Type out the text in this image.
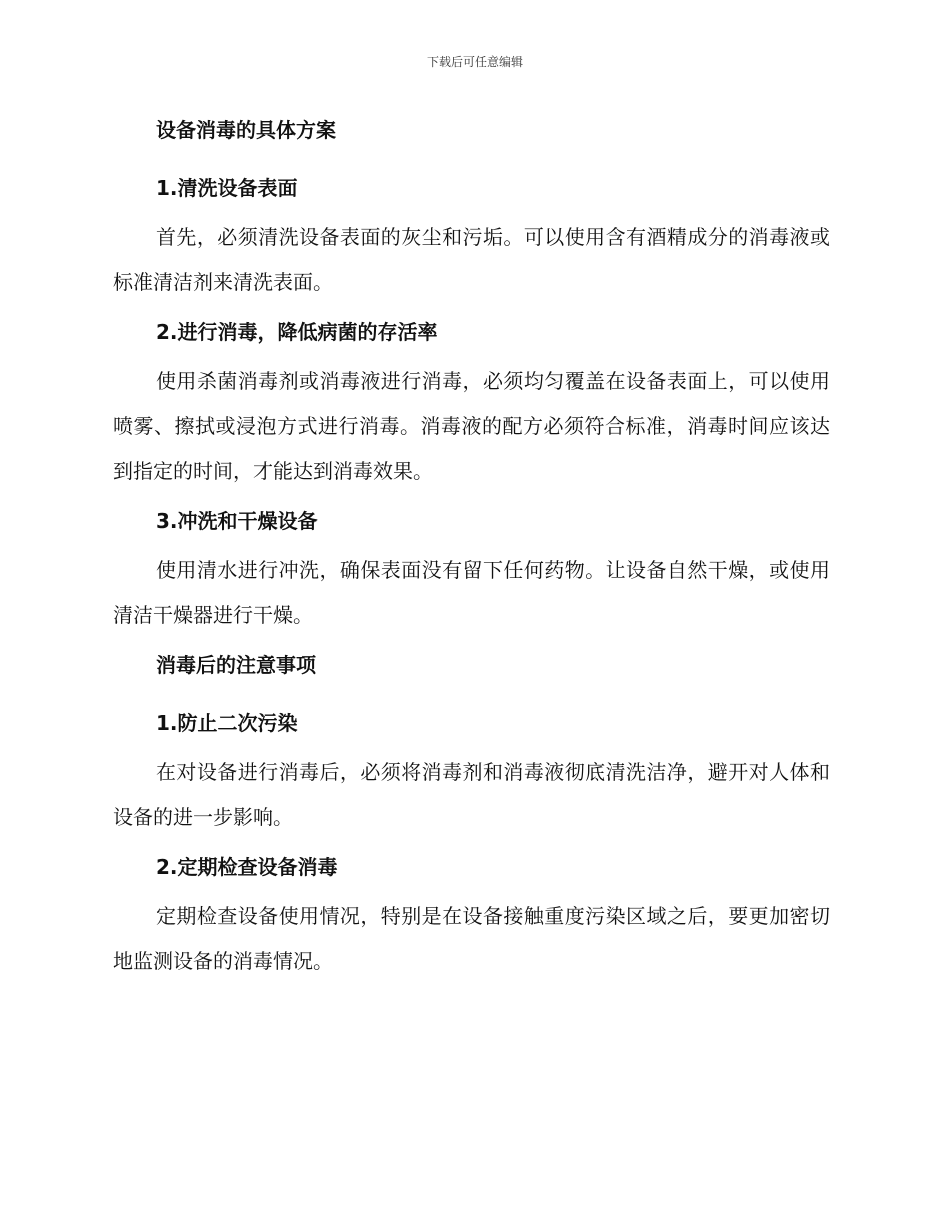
下载后可任意编辑

设备消毒的具体方案

1.清洗设备表面

首先，必须清洗设备表面的灰尘和污垢。可以使用含有酒精成分的消毒液或标准清洁剂来清洗表面。

2.进行消毒，降低病菌的存活率

使用杀菌消毒剂或消毒液进行消毒，必须均匀覆盖在设备表面上，可以使用喷雾、擦拭或浸泡方式进行消毒。消毒液的配方必须符合标准，消毒时间应该达到指定的时间，才能达到消毒效果。

3.冲洗和干燥设备

使用清水进行冲洗，确保表面没有留下任何药物。让设备自然干燥，或使用清洁干燥器进行干燥。

消毒后的注意事项

1.防止二次污染

在对设备进行消毒后，必须将消毒剂和消毒液彻底清洗洁净，避开对人体和设备的进一步影响。

2.定期检查设备消毒

定期检查设备使用情况，特别是在设备接触重度污染区域之后，要更加密切地监测设备的消毒情况。
